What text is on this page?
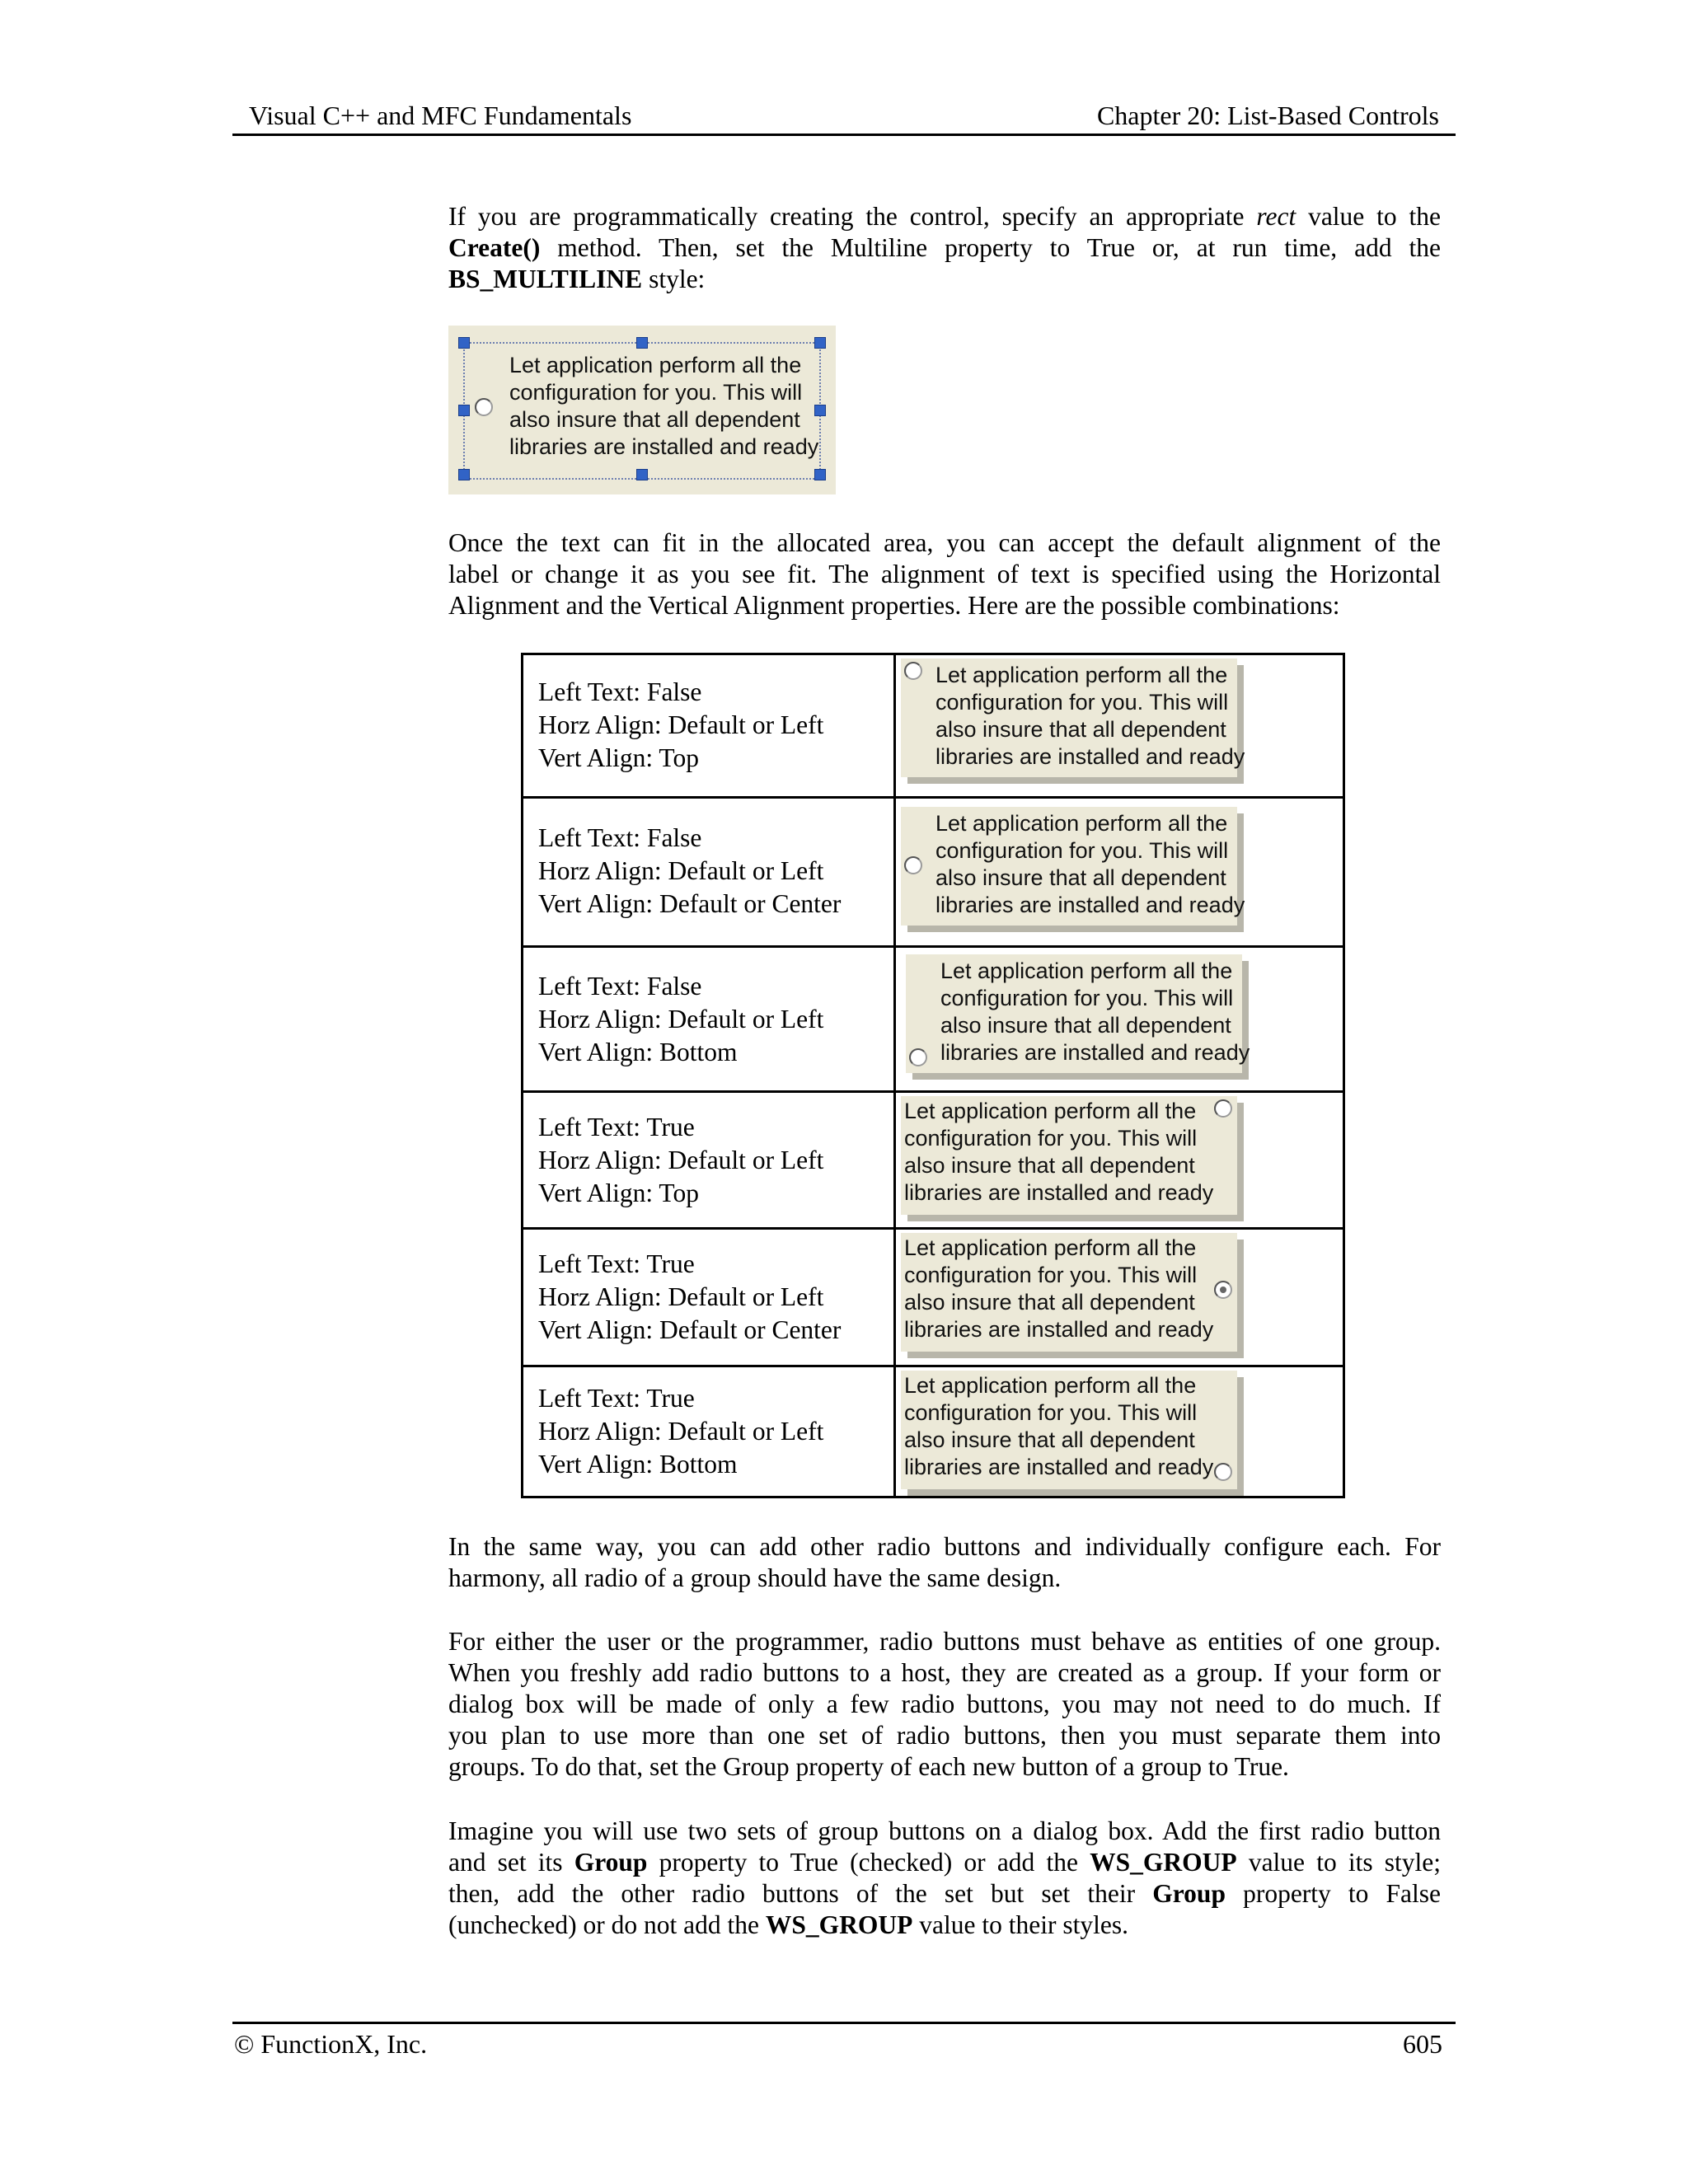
Visual C++ and MFC Fundamentals	Chapter 20: List-Based Controls
If you are programmatically creating the control, specify an appropriate rect value to the
Create() method. Then, set the Multiline property to True or, at run time, add the
BS_MULTILINE style:
Let application perform all the
configuration for you. This will
also insure that all dependent
libraries are installed and ready
Once the text can fit in the allocated area, you can accept the default alignment of the
label or change it as you see fit. The alignment of text is specified using the Horizontal
Alignment and the Vertical Alignment properties. Here are the possible combinations:
Left Text: False
Horz Align: Default or Left
Vert Align: Top
Let application perform all the
configuration for you. This will
also insure that all dependent
libraries are installed and ready
Left Text: False
Horz Align: Default or Left
Vert Align: Default or Center
Let application perform all the
configuration for you. This will
also insure that all dependent
libraries are installed and ready
Left Text: False
Horz Align: Default or Left
Vert Align: Bottom
Let application perform all the
configuration for you. This will
also insure that all dependent
libraries are installed and ready
Left Text: True
Horz Align: Default or Left
Vert Align: Top
Let application perform all the
configuration for you. This will
also insure that all dependent
libraries are installed and ready
Left Text: True
Horz Align: Default or Left
Vert Align: Default or Center
Let application perform all the
configuration for you. This will
also insure that all dependent
libraries are installed and ready
Left Text: True
Horz Align: Default or Left
Vert Align: Bottom
Let application perform all the
configuration for you. This will
also insure that all dependent
libraries are installed and ready
In the same way, you can add other radio buttons and individually configure each. For
harmony, all radio of a group should have the same design.
For either the user or the programmer, radio buttons must behave as entities of one group.
When you freshly add radio buttons to a host, they are created as a group. If your form or
dialog box will be made of only a few radio buttons, you may not need to do much. If
you plan to use more than one set of radio buttons, then you must separate them into
groups. To do that, set the Group property of each new button of a group to True.
Imagine you will use two sets of group buttons on a dialog box. Add the first radio button
and set its Group property to True (checked) or add the WS_GROUP value to its style;
then, add the other radio buttons of the set but set their Group property to False
(unchecked) or do not add the WS_GROUP value to their styles.
© FunctionX, Inc.	605
